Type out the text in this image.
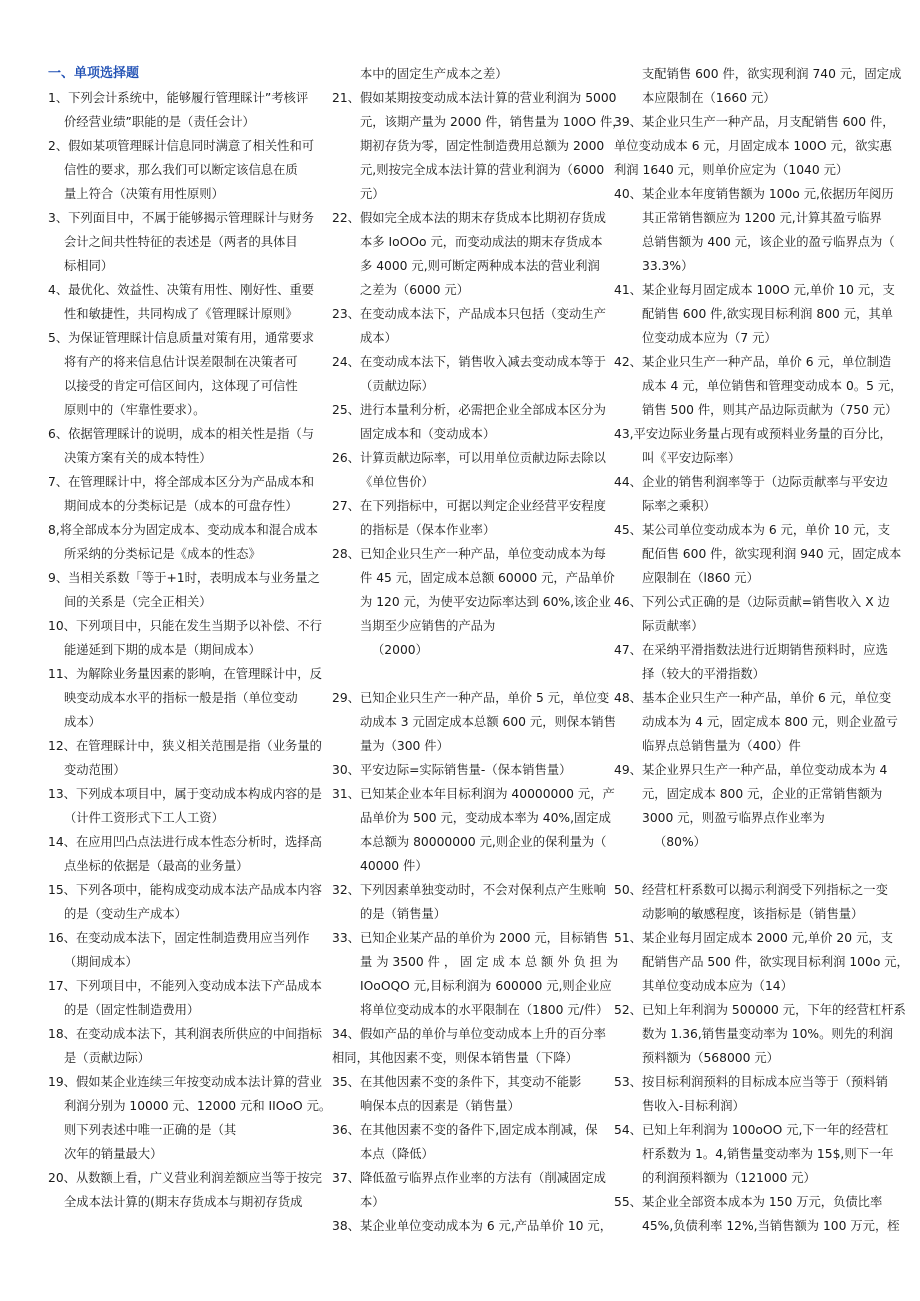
一、单项选择题
1、下列会计系统中，能够履行管理睬计”考核评
价经营业绩”职能的是（责任会计）
2、假如某项管理睬计信息同时满意了相关性和可
信性的要求，那么我们可以断定该信息在质
量上符合（决策有用性原则）
3、下列面目中，不属于能够揭示管理睬计与财务
会计之间共性特征的表述是（两者的具体目
标相同）
4、最优化、效益性、决策有用性、刚好性、重要
性和敏捷性，共同构成了《管理睬计原则》
5、为保证管理睬计信息质量对策有用，通常要求
将有产的将来信息估计误差限制在决策者可
以接受的肯定可信区间内，这体现了可信性
原则中的（牢靠性要求）。
6、依据管理睬计的说明，成本的相关性是指（与
决策方案有关的成本特性）
7、在管理睬计中，将全部成本区分为产品成本和
期间成本的分类标记是（成本的可盘存性）
8,将全部成本分为固定成本、变动成本和混合成本
所采纳的分类标记是《成本的性态》
9、当相关系数「等于+1时，表明成本与业务量之
间的关系是（完全正相关）
10、下列项目中，只能在发生当期予以补偿、不行
能递延到下期的成本是（期间成本）
11、为解除业务量因素的影响，在管理睬计中，反
映变动成本水平的指标一般是指（单位变动
成本）
12、在管理睬计中，狭义相关范围是指（业务量的
变动范围）
13、下列成本项目中，属于变动成本构成内容的是
（计件工资形式下工人工资）
14、在应用凹凸点法进行成本性态分析时，选择高
点坐标的依据是（最高的业务量）
15、下列各项中，能构成变动成本法产品成本内容
的是（变动生产成本）
16、在变动成本法下，固定性制造费用应当列作
（期间成本）
17、下列项目中，不能列入变动成本法下产品成本
的是（固定性制造费用）
18、在变动成本法下，其利润表所供应的中间指标
是（贡献边际）
19、假如某企业连续三年按变动成本法计算的营业
利润分别为 10000 元、12000 元和 IIOoO 元。
则下列表述中唯一正确的是（其
次年的销量最大）
20、从数额上看，广义营业利润差额应当等于按完
全成本法计算的(期末存货成本与期初存货成
本中的固定生产成本之差）
21、假如某期按变动成本法计算的营业利润为 5000
元，该期产量为 2000 件，销售量为 100O 件，
期初存货为零，固定性制造费用总额为 2000
元,则按完全成本法计算的营业利润为（6000
元）
22、假如完全成本法的期末存货成本比期初存货成
本多 IoOOo 元，而变动成法的期末存货成本
多 4000 元,则可断定两种成本法的营业利润
之差为（6000 元）
23、在变动成本法下，产品成本只包括（变动生产
成本）
24、在变动成本法下，销售收入减去变动成本等于
（贡献边际）
25、进行本量利分析，必需把企业全部成本区分为
固定成本和（变动成本）
26、计算贡献边际率，可以用单位贡献边际去除以
《单位售价）
27、在下列指标中，可据以判定企业经营平安程度
的指标是（保本作业率）
28、已知企业只生产一种产品，单位变动成本为每
件 45 元，固定成本总额 60000 元，产品单价
为 120 元，为使平安边际率达到 60%,该企业
当期至少应销售的产品为
（2000）

29、已知企业只生产一种产品，单价 5 元，单位变
动成本 3 元固定成本总额 600 元，则保本销售
量为（300 件）
30、平安边际=实际销售量-（保本销售量）
31、已知某企业本年目标利润为 40000000 元，产
品单价为 500 元，变动成本率为 40%,固定成
本总额为 80000000 元,则企业的保利量为（
40000 件）
32、下列因素单独变动时，不会对保利点产生账响
的是（销售量）
33、已知企业某产品的单价为 2000 元，目标销售
量 为 3500 件 ， 固 定 成 本 总 额 外 负 担 为
IOoOQO 元,目标利润为 600000 元,则企业应
将单位变动成本的水平限制在（1800 元/件）
34、假如产品的单价与单位变动成本上升的百分率
相同，其他因素不变，则保本销售量（下降）
35、在其他因素不变的条件下，其变动不能影
响保本点的因素是（销售量）
36、在其他因素不变的备件下,固定成本削减，保
本点（降低）
37、降低盈亏临界点作业率的方法有（削减固定成
本）
38、某企业单位变动成本为 6 元,产品单价 10 元，
支配销售 600 件，欲实现利润 740 元，固定成
本应限制在（1660 元）
39、某企业只生产一种产品，月支配销售 600 件，
单位变动成本 6 元，月固定成本 100O 元，欲实惠
利润 1640 元，则单价应定为（1040 元）
40、某企业本年度销售额为 100o 元,依据历年阅历
其正常销售额应为 1200 元,计算其盈亏临界
总销售额为 400 元，该企业的盈亏临界点为（
33.3%）
41、某企业每月固定成本 100O 元,单价 10 元，支
配销售 600 件,欲实现目标利润 800 元，其单
位变动成本应为（7 元）
42、某企业只生产一种产品，单价 6 元，单位制造
成本 4 元，单位销售和管理变动成本 0。5 元，
销售 500 件，则其产品边际贡献为（750 元）
43,平安边际业务量占现有或预料业务量的百分比，
叫《平安边际率）
44、企业的销售利润率等于（边际贡献率与平安边
际率之乘积）
45、某公司单位变动成本为 6 元，单价 10 元，支
配佰售 600 件，欲实现利润 940 元，固定成本
应限制在（l860 元）
46、下列公式正确的是（边际贡献=销售收入 X 边
际贡献率）
47、在采纳平滑指数法进行近期销售预料时，应选
择（较大的平滑指数）
48、基本企业只生产一种产品，单价 6 元，单位变
动成本为 4 元，固定成本 800 元，则企业盈亏
临界点总销售量为（400）件
49、某企业界只生产一种产品，单位变动成本为 4
元，固定成本 800 元，企业的正常销售额为
3000 元，则盈亏临界点作业率为
（80%）

50、经营杠杆系数可以揭示利润受下列指标之一变
动影响的敏感程度，该指标是（销售量）
51、某企业每月固定成本 2000 元,单价 20 元，支
配销售产品 500 件，欲实现目标利润 100o 元，
其单位变动成本应为（14）
52、已知上年利润为 500000 元，下年的经营杠杆系
数为 1.36,销售量变动率为 10%。则先的利润
预料额为（568000 元）
53、按目标利润预料的目标成本应当等于（预料销
售收入-目标利润）
54、已知上年利润为 100oOO 元,下一年的经营杠
杆系数为 1。4,销售量变动率为 15$,则下一年
的利润预料额为（121000 元）
55、某企业全部资本成本为 150 万元，负债比率
45%,负债利率 12%,当销售额为 100 万元，桎
